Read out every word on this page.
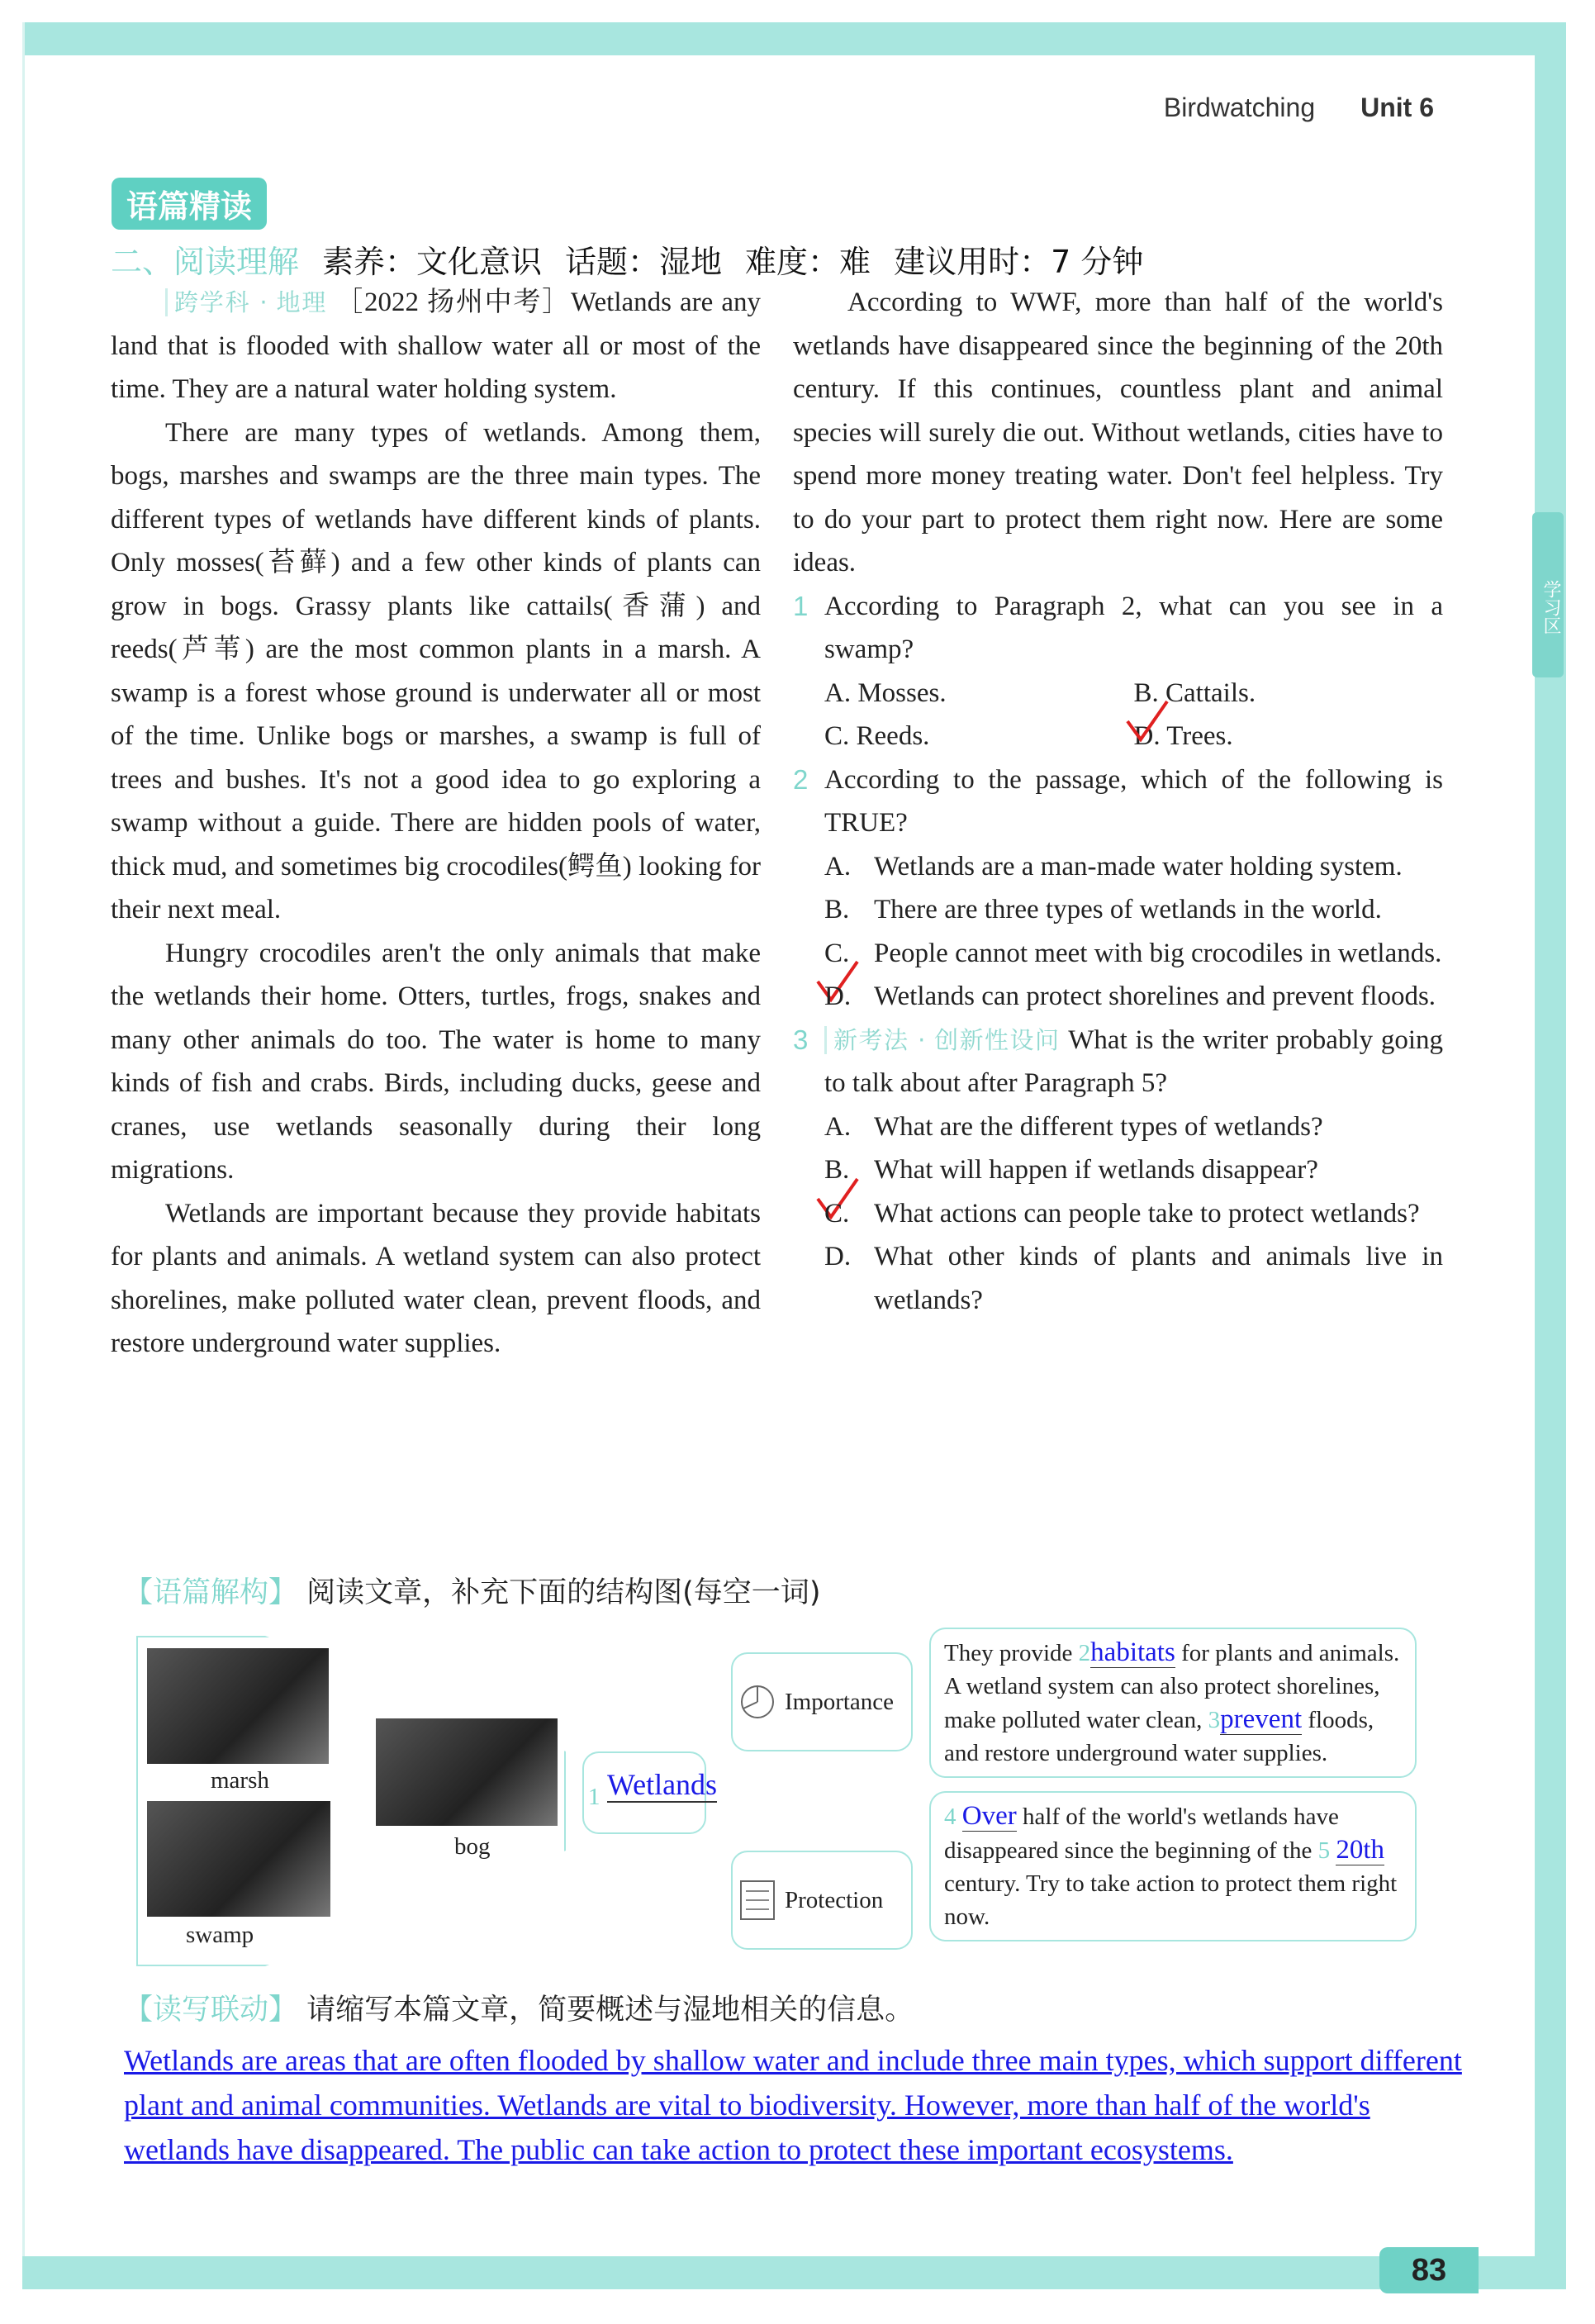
学习区
Birdwatching Unit 6
语篇精读
二、阅读理解 素养：文化意识 话题：湿地 难度：难 建议用时：7 分钟

跨学科 · 地理 ［2022 扬州中考］Wetlands are any land that is flooded with shallow water all or most of the time. They are a natural water holding system.

There are many types of wetlands. Among them, bogs, marshes and swamps are the three main types. The different types of wetlands have different kinds of plants. Only mosses(苔藓) and a few other kinds of plants can grow in bogs. Grassy plants like cattails(香蒲) and reeds(芦苇) are the most common plants in a marsh. A swamp is a forest whose ground is underwater all or most of the time. Unlike bogs or marshes, a swamp is full of trees and bushes. It's not a good idea to go exploring a swamp without a guide. There are hidden pools of water, thick mud, and sometimes big crocodiles(鳄鱼) looking for their next meal.

Hungry crocodiles aren't the only animals that make the wetlands their home. Otters, turtles, frogs, snakes and many other animals do too. The water is home to many kinds of fish and crabs. Birds, including ducks, geese and cranes, use wetlands seasonally during their long migrations.

Wetlands are important because they provide habitats for plants and animals. A wetland system can also protect shorelines, make polluted water clean, prevent floods, and restore underground water supplies.

According to WWF, more than half of the world's wetlands have disappeared since the beginning of the 20th century. If this continues, countless plant and animal species will surely die out. Without wetlands, cities have to spend more money treating water. Don't feel helpless. Try to do your part to protect them right now. Here are some ideas.

1 According to Paragraph 2, what can you see in a swamp?
A. Mosses.	B. Cattails.
C. Reeds.	D. Trees.
2 According to the passage, which of the following is TRUE?
A. Wetlands are a man-made water holding system.
B. There are three types of wetlands in the world.
C. People cannot meet with big crocodiles in wetlands.
D. Wetlands can protect shorelines and prevent floods.
3 新考法 · 创新性设问 What is the writer probably going to talk about after Paragraph 5?
A. What are the different types of wetlands?
B. What will happen if wetlands disappear?
C. What actions can people take to protect wetlands?
D. What other kinds of plants and animals live in wetlands?
【语篇解构】 阅读文章，补充下面的结构图(每空一词)
marsh
swamp
bog
1 Wetlands
Importance
Protection
They provide 2habitats for plants and animals. A wetland system can also protect shorelines, make polluted water clean, 3prevent floods, and restore underground water supplies.
4 Over half of the world's wetlands have disappeared since the beginning of the 5 20th century. Try to take action to protect them right now.
【读写联动】 请缩写本篇文章，简要概述与湿地相关的信息。
Wetlands are areas that are often flooded by shallow water and include three main types, which support different plant and animal communities. Wetlands are vital to biodiversity. However, more than half of the world's wetlands have disappeared. The public can take action to protect these important ecosystems.
83
